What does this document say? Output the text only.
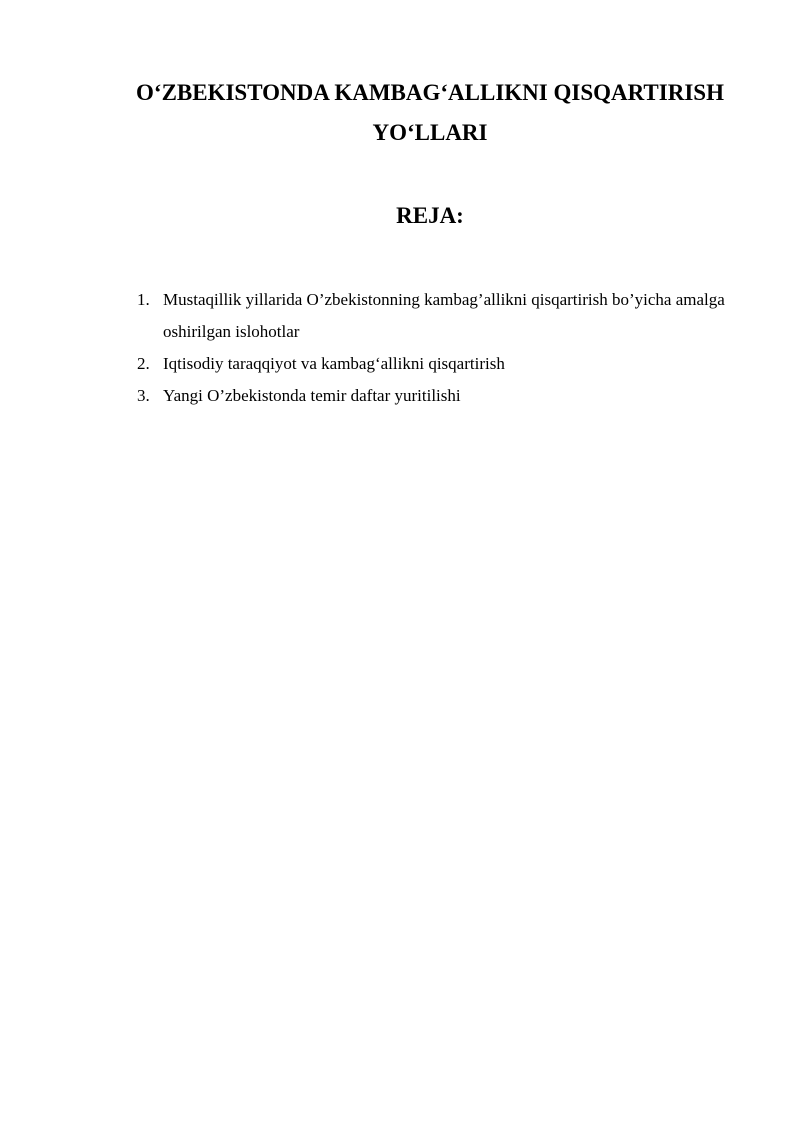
O‘ZBEKISTONDA KAMBAG‘ALLIKNI QISQARTIRISH
YO‘LLARI
REJA:
1. Mustaqillik yillarida O’zbekistonning kambag’allikni qisqartirish bo’yicha amalga oshirilgan islohotlar
2. Iqtisodiy taraqqiyot va kambag‘allikni qisqartirish
3. Yangi O’zbekistonda temir daftar yuritilishi
